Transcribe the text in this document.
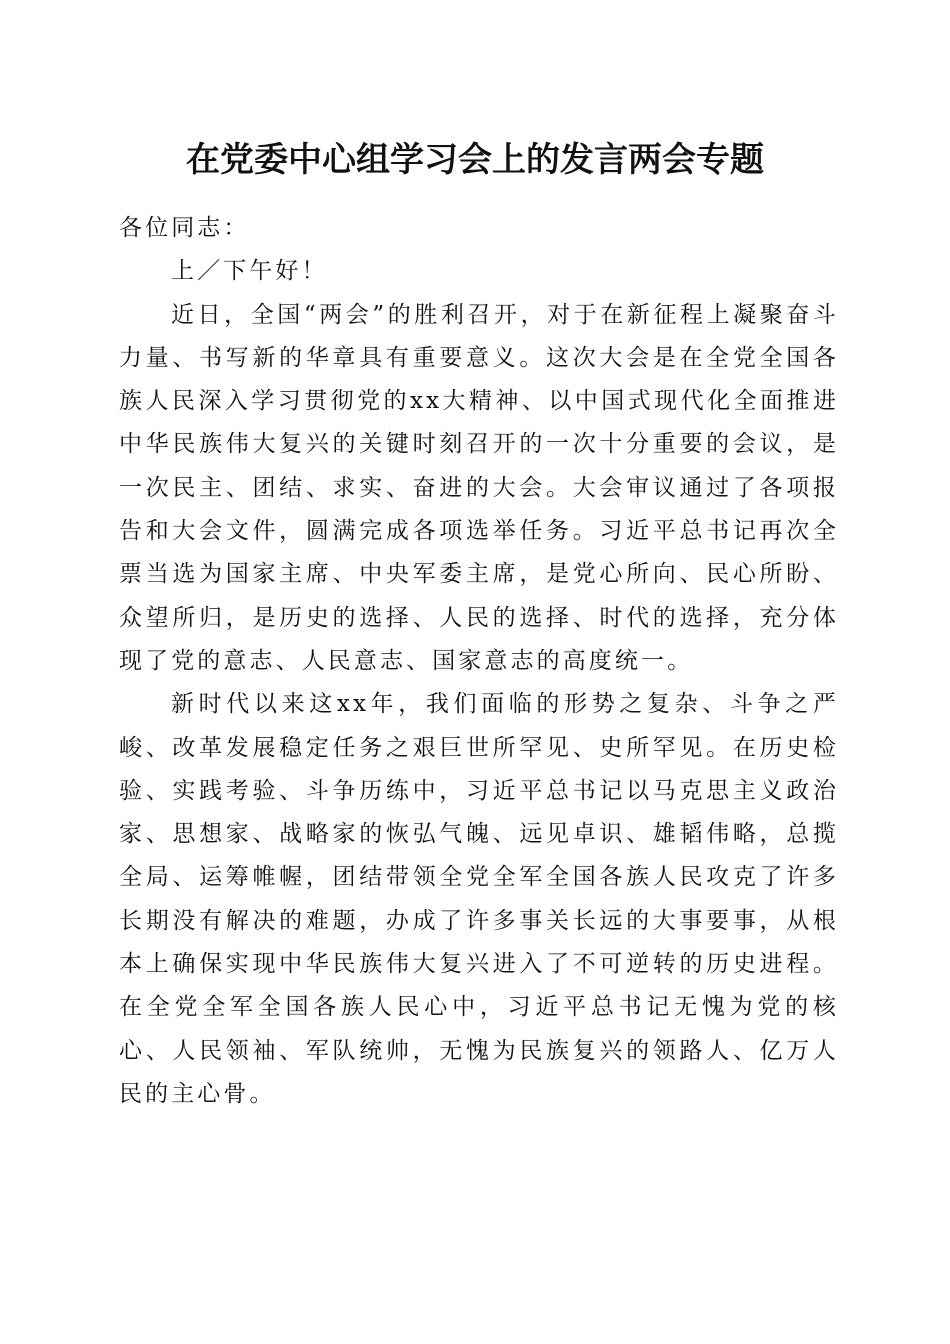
在党委中心组学习会上的发言两会专题

各位同志：

上／下午好！

近日，全国“两会”的胜利召开，对于在新征程上凝聚奋斗力量、书写新的华章具有重要意义。这次大会是在全党全国各族人民深入学习贯彻党的xx大精神、以中国式现代化全面推进中华民族伟大复兴的关键时刻召开的一次十分重要的会议，是一次民主、团结、求实、奋进的大会。大会审议通过了各项报告和大会文件，圆满完成各项选举任务。习近平总书记再次全票当选为国家主席、中央军委主席，是党心所向、民心所盼、众望所归，是历史的选择、人民的选择、时代的选择，充分体现了党的意志、人民意志、国家意志的高度统一。

新时代以来这xx年，我们面临的形势之复杂、斗争之严峻、改革发展稳定任务之艰巨世所罕见、史所罕见。在历史检验、实践考验、斗争历练中，习近平总书记以马克思主义政治家、思想家、战略家的恢弘气魄、远见卓识、雄韬伟略，总揽全局、运筹帷幄，团结带领全党全军全国各族人民攻克了许多长期没有解决的难题，办成了许多事关长远的大事要事，从根本上确保实现中华民族伟大复兴进入了不可逆转的历史进程。在全党全军全国各族人民心中，习近平总书记无愧为党的核心、人民领袖、军队统帅，无愧为民族复兴的领路人、亿万人民的主心骨。
